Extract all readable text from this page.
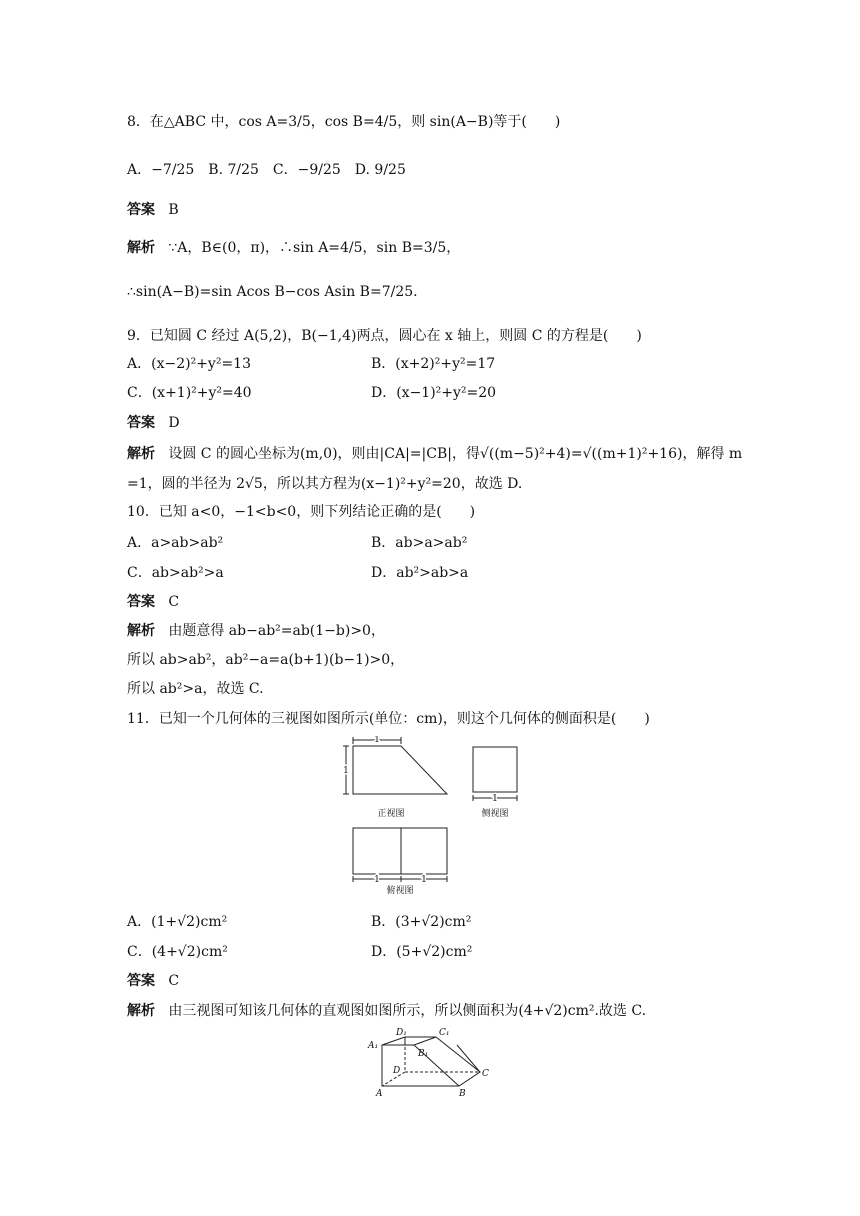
8．在△ABC 中，cos A=3/5，cos B=4/5，则 sin(A−B)等于(　　)
A．−7/25　B. 7/25　C．−9/25　D. 9/25
答案 B
解析 ∵A，B∈(0，π)，∴sin A=4/5，sin B=3/5，
∴sin(A−B)=sin Acos B−cos Asin B=7/25.
9．已知圆 C 经过 A(5,2)，B(−1,4)两点，圆心在 x 轴上，则圆 C 的方程是(　　)
A．(x−2)²+y²=13	B．(x+2)²+y²=17
C．(x+1)²+y²=40	D．(x−1)²+y²=20
答案 D
解析 设圆 C 的圆心坐标为(m,0)，则由|CA|=|CB|，得√((m−5)²+4)=√((m+1)²+16)，解得 m
=1，圆的半径为 2√5，所以其方程为(x−1)²+y²=20，故选 D.
10．已知 a<0，−1<b<0，则下列结论正确的是(　　)
A．a>ab>ab²	B．ab>a>ab²
C．ab>ab²>a	D．ab²>ab>a
答案 C
解析 由题意得 ab−ab²=ab(1−b)>0，
所以 ab>ab²，ab²−a=a(b+1)(b−1)>0，
所以 ab²>a，故选 C.
11．已知一个几何体的三视图如图所示(单位：cm)，则这个几何体的侧面积是(　　)
1
1
1
1	1
正视图	侧视图
俯视图
A．(1+√2)cm²	B．(3+√2)cm²
C．(4+√2)cm²	D．(5+√2)cm²
答案 C
解析 由三视图可知该几何体的直观图如图所示，所以侧面积为(4+√2)cm².故选 C.
D₁	C₁
A₁
B₁
D	C
A	B
